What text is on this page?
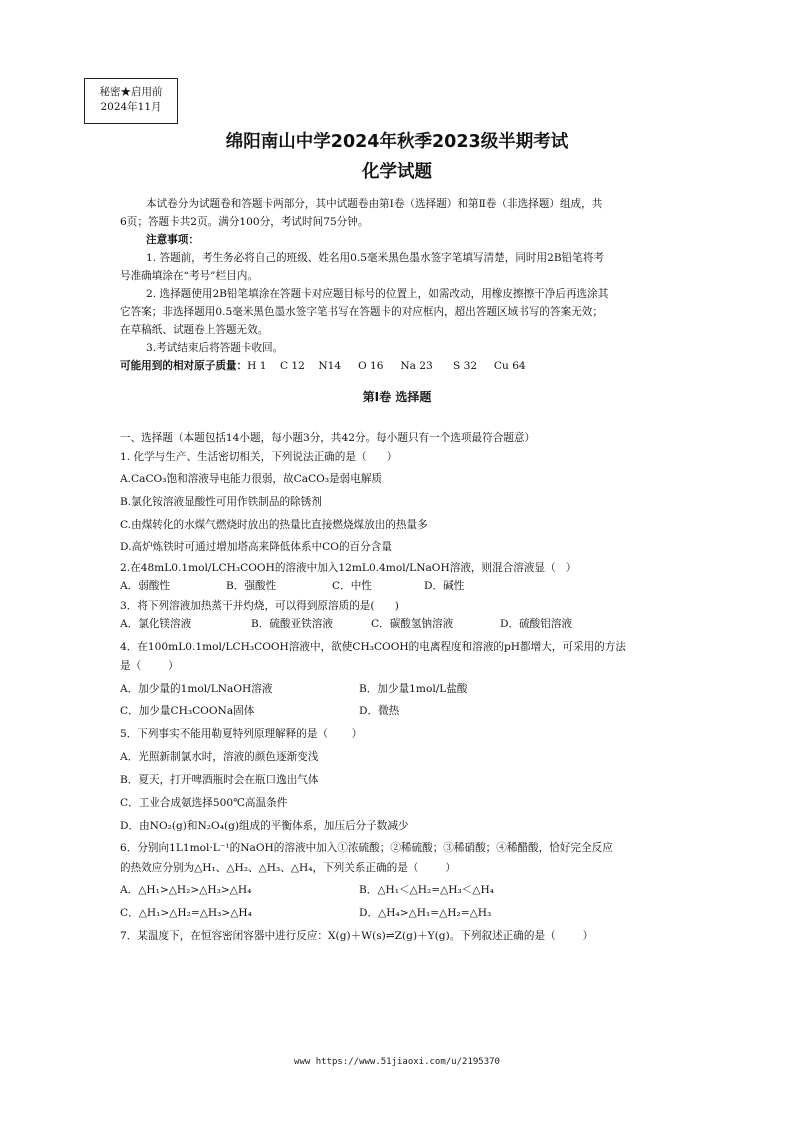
秘密★启用前
2024年11月
绵阳南山中学2024年秋季2023级半期考试
化学试题
本试卷分为试题卷和答题卡两部分，其中试题卷由第Ⅰ卷（选择题）和第Ⅱ卷（非选择题）组成，共
6页；答题卡共2页。满分100分，考试时间75分钟。
注意事项：
1. 答题前，考生务必将自己的班级、姓名用0.5毫米黑色墨水签字笔填写清楚，同时用2B铅笔将考
号准确填涂在“考号”栏目内。
2. 选择题使用2B铅笔填涂在答题卡对应题目标号的位置上，如需改动，用橡皮擦擦干净后再选涂其
它答案；非选择题用0.5毫米黑色墨水签字笔书写在答题卡的对应框内，超出答题区域书写的答案无效；
在草稿纸、试题卷上答题无效。
3.考试结束后将答题卡收回。
可能用到的相对原子质量：H 1    C 12    N14     O 16     Na 23      S 32     Cu 64
第Ⅰ卷 选择题
一、选择题（本题包括14小题，每小题3分，共42分。每小题只有一个选项最符合题意）
1. 化学与生产、生活密切相关，下列说法正确的是（      ）
A.CaCO₃饱和溶液导电能力很弱，故CaCO₃是弱电解质
B.氯化铵溶液显酸性可用作铁制品的除锈剂
C.由煤转化的水煤气燃烧时放出的热量比直接燃烧煤放出的热量多
D.高炉炼铁时可通过增加塔高来降低体系中CO的百分含量
2.在48mL0.1mol/LCH₃COOH的溶液中加入12mL0.4mol/LNaOH溶液，则混合溶液显（   ）
A．弱酸性	B．强酸性	C．中性	D．碱性
3．将下列溶液加热蒸干并灼烧，可以得到原溶质的是(      )
A．氯化镁溶液	B．硫酸亚铁溶液	C．碳酸氢钠溶液	D．硫酸铝溶液
4．在100mL0.1mol/LCH₃COOH溶液中，欲使CH₃COOH的电离程度和溶液的pH都增大，可采用的方法
是（        ）
A．加少量的1mol/LNaOH溶液	B．加少量1mol/L盐酸
C．加少量CH₃COONa固体	D．微热
5．下列事实不能用勒夏特列原理解释的是（       ）
A．光照新制氯水时，溶液的颜色逐渐变浅
B．夏天，打开啤酒瓶时会在瓶口逸出气体
C．工业合成氨选择500℃高温条件
D．由NO₂(g)和N₂O₄(g)组成的平衡体系，加压后分子数减少
6．分别向1L1mol·L⁻¹的NaOH的溶液中加入①浓硫酸；②稀硫酸；③稀硝酸；④稀醋酸，恰好完全反应
的热效应分别为△H₁、△H₂、△H₃、△H₄，下列关系正确的是（        ）
A．△H₁>△H₂>△H₃>△H₄	B．△H₁＜△H₂=△H₃＜△H₄
C．△H₁>△H₂=△H₃>△H₄	D．△H₄>△H₁=△H₂=△H₃
7．某温度下，在恒容密闭容器中进行反应：X(g)＋W(s)⇌Z(g)＋Y(g)。下列叙述正确的是（        ）
www https://www.51jiaoxi.com/u/2195370
